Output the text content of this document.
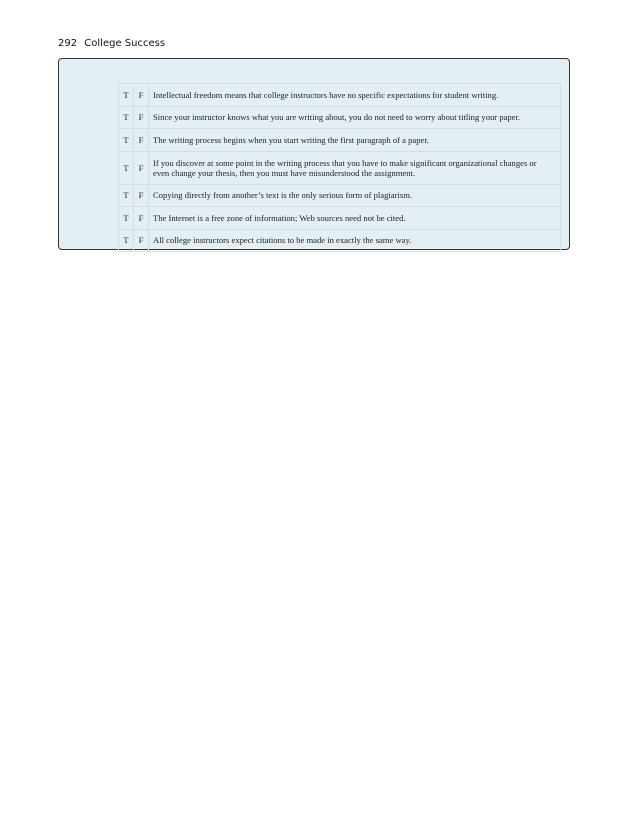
292 College Success
T	F	Intellectual freedom means that college instructors have no specific expectations for student writing.
T	F	Since your instructor knows what you are writing about, you do not need to worry about titling your paper.
T	F	The writing process begins when you start writing the first paragraph of a paper.
T	F	If you discover at some point in the writing process that you have to make significant organizational changes or even change your thesis, then you must have misunderstood the assignment.
T	F	Copying directly from another’s text is the only serious form of plagiarism.
T	F	The Internet is a free zone of information; Web sources need not be cited.
T	F	All college instructors expect citations to be made in exactly the same way.
